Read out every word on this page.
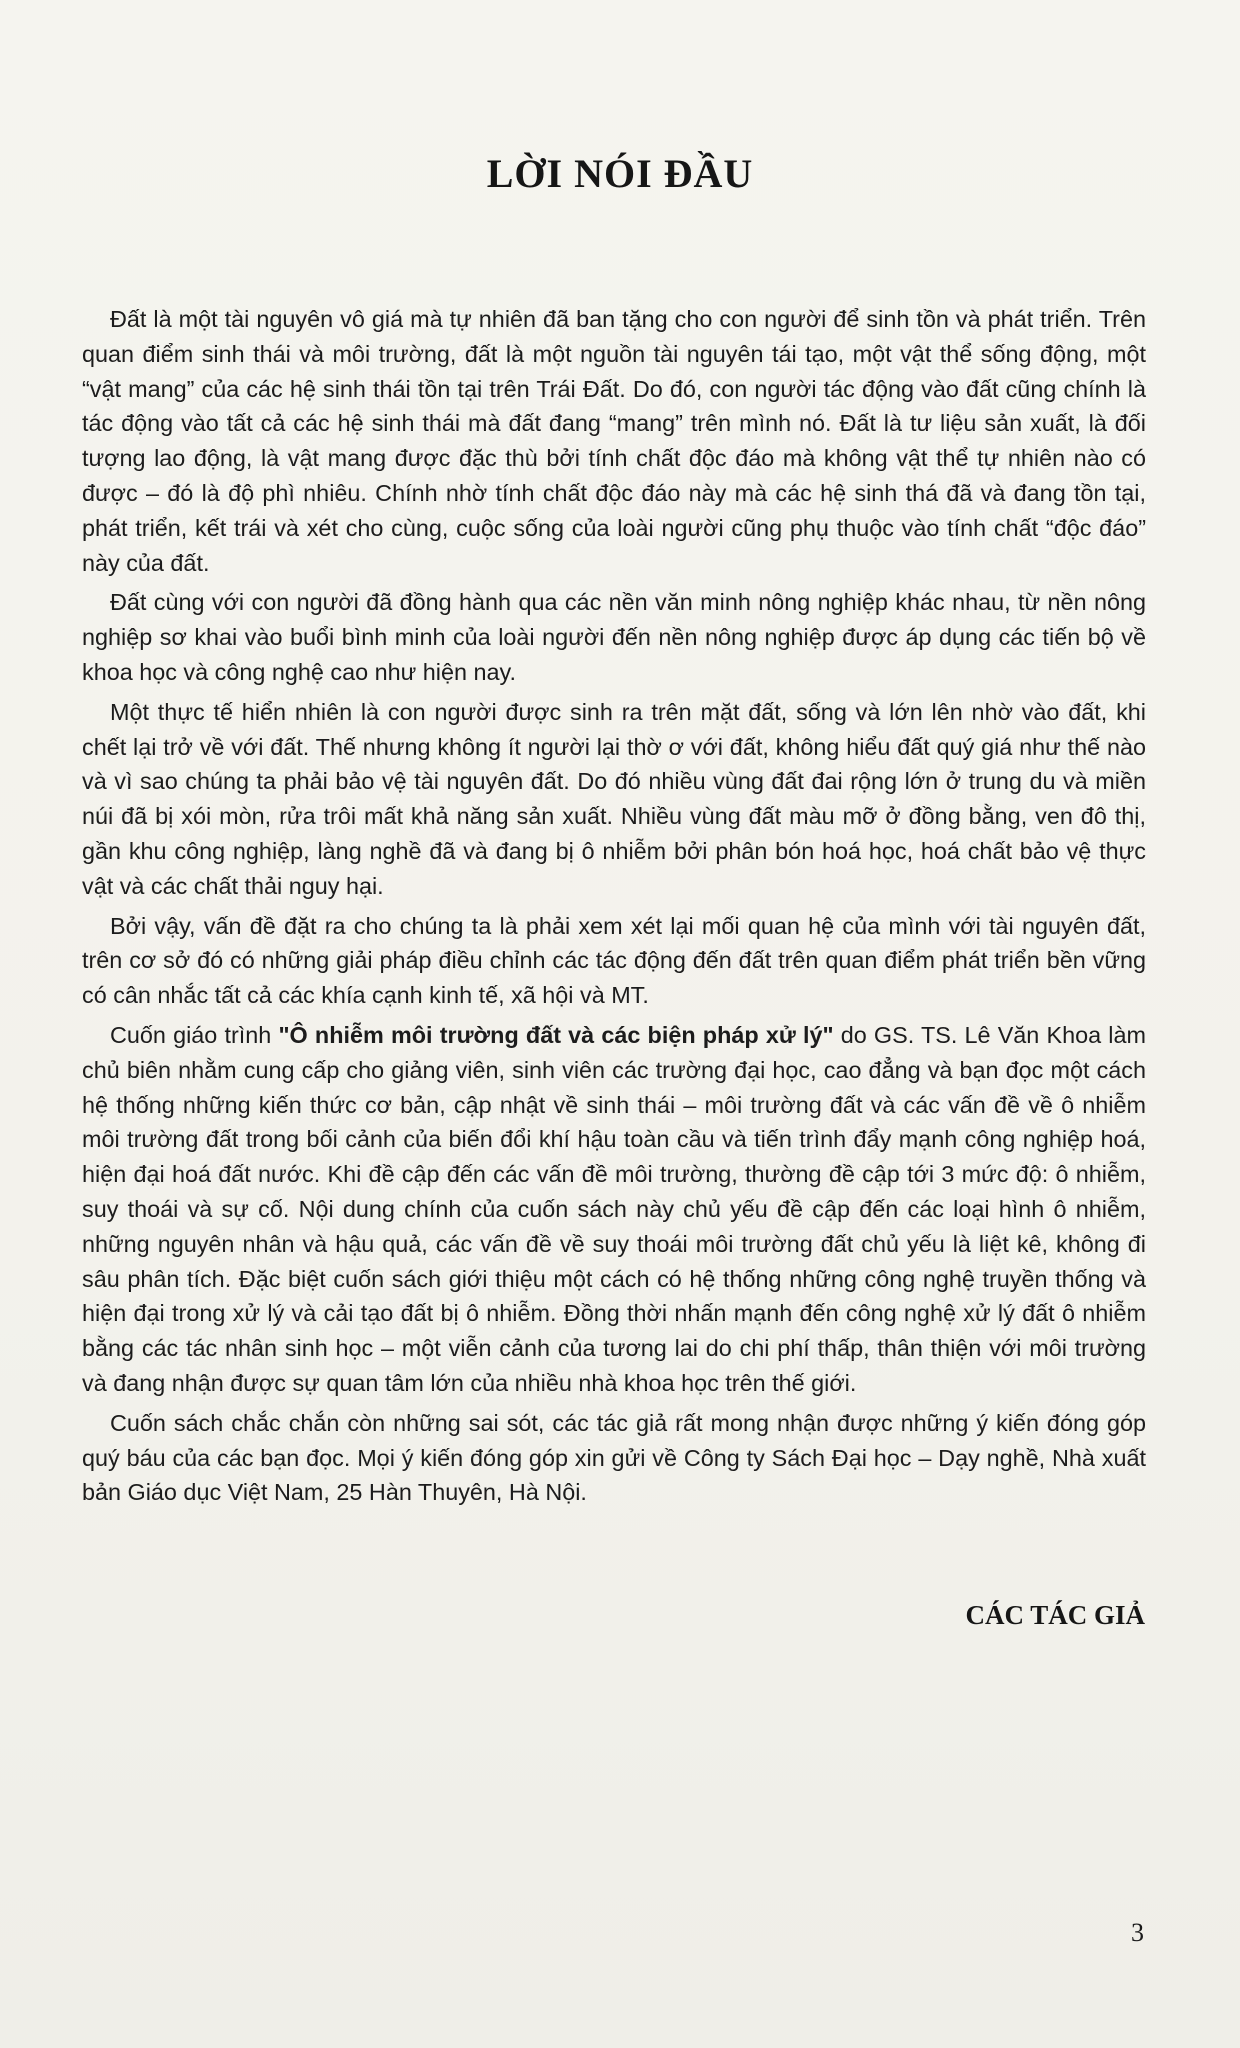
LỜI NÓI ĐẦU

Đất là một tài nguyên vô giá mà tự nhiên đã ban tặng cho con người để sinh tồn và phát triển. Trên quan điểm sinh thái và môi trường, đất là một nguồn tài nguyên tái tạo, một vật thể sống động, một “vật mang” của các hệ sinh thái tồn tại trên Trái Đất. Do đó, con người tác động vào đất cũng chính là tác động vào tất cả các hệ sinh thái mà đất đang “mang” trên mình nó. Đất là tư liệu sản xuất, là đối tượng lao động, là vật mang được đặc thù bởi tính chất độc đáo mà không vật thể tự nhiên nào có được – đó là độ phì nhiêu. Chính nhờ tính chất độc đáo này mà các hệ sinh thá đã và đang tồn tại, phát triển, kết trái và xét cho cùng, cuộc sống của loài người cũng phụ thuộc vào tính chất “độc đáo” này của đất.

Đất cùng với con người đã đồng hành qua các nền văn minh nông nghiệp khác nhau, từ nền nông nghiệp sơ khai vào buổi bình minh của loài người đến nền nông nghiệp được áp dụng các tiến bộ về khoa học và công nghệ cao như hiện nay.

Một thực tế hiển nhiên là con người được sinh ra trên mặt đất, sống và lớn lên nhờ vào đất, khi chết lại trở về với đất. Thế nhưng không ít người lại thờ ơ với đất, không hiểu đất quý giá như thế nào và vì sao chúng ta phải bảo vệ tài nguyên đất. Do đó nhiều vùng đất đai rộng lớn ở trung du và miền núi đã bị xói mòn, rửa trôi mất khả năng sản xuất. Nhiều vùng đất màu mỡ ở đồng bằng, ven đô thị, gần khu công nghiệp, làng nghề đã và đang bị ô nhiễm bởi phân bón hoá học, hoá chất bảo vệ thực vật và các chất thải nguy hại.

Bởi vậy, vấn đề đặt ra cho chúng ta là phải xem xét lại mối quan hệ của mình với tài nguyên đất, trên cơ sở đó có những giải pháp điều chỉnh các tác động đến đất trên quan điểm phát triển bền vững có cân nhắc tất cả các khía cạnh kinh tế, xã hội và MT.

Cuốn giáo trình "Ô nhiễm môi trường đất và các biện pháp xử lý" do GS. TS. Lê Văn Khoa làm chủ biên nhằm cung cấp cho giảng viên, sinh viên các trường đại học, cao đẳng và bạn đọc một cách hệ thống những kiến thức cơ bản, cập nhật về sinh thái – môi trường đất và các vấn đề về ô nhiễm môi trường đất trong bối cảnh của biến đổi khí hậu toàn cầu và tiến trình đẩy mạnh công nghiệp hoá, hiện đại hoá đất nước. Khi đề cập đến các vấn đề môi trường, thường đề cập tới 3 mức độ: ô nhiễm, suy thoái và sự cố. Nội dung chính của cuốn sách này chủ yếu đề cập đến các loại hình ô nhiễm, những nguyên nhân và hậu quả, các vấn đề về suy thoái môi trường đất chủ yếu là liệt kê, không đi sâu phân tích. Đặc biệt cuốn sách giới thiệu một cách có hệ thống những công nghệ truyền thống và hiện đại trong xử lý và cải tạo đất bị ô nhiễm. Đồng thời nhấn mạnh đến công nghệ xử lý đất ô nhiễm bằng các tác nhân sinh học – một viễn cảnh của tương lai do chi phí thấp, thân thiện với môi trường và đang nhận được sự quan tâm lớn của nhiều nhà khoa học trên thế giới.

Cuốn sách chắc chắn còn những sai sót, các tác giả rất mong nhận được những ý kiến đóng góp quý báu của các bạn đọc. Mọi ý kiến đóng góp xin gửi về Công ty Sách Đại học – Dạy nghề, Nhà xuất bản Giáo dục Việt Nam, 25 Hàn Thuyên, Hà Nội.

CÁC TÁC GIẢ
3
